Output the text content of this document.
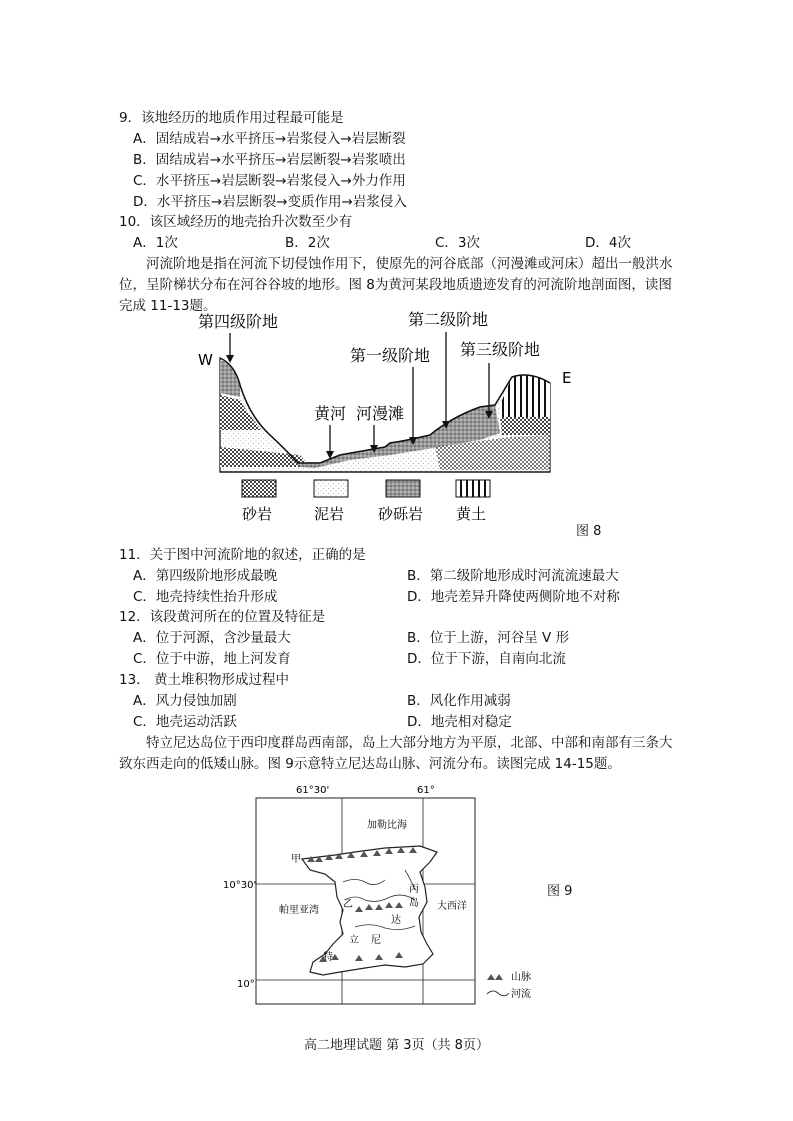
9．该地经历的地质作用过程最可能是
A．固结成岩→水平挤压→岩浆侵入→岩层断裂
B．固结成岩→水平挤压→岩层断裂→岩浆喷出
C．水平挤压→岩层断裂→岩浆侵入→外力作用
D．水平挤压→岩层断裂→变质作用→岩浆侵入
10．该区域经历的地壳抬升次数至少有
A．1次	B．2次	C．3次	D．4次
河流阶地是指在河流下切侵蚀作用下，使原先的河谷底部（河漫滩或河床）超出一般洪水位，呈阶梯状分布在河谷谷坡的地形。图 8为黄河某段地质遗迹发育的河流阶地剖面图，读图完成 11-13题。
W
E
第四级阶地	第二级阶地
第一级阶地 第三级阶地
黄河 河漫滩
砂岩	泥岩 砂砾岩 黄土
图 8
11．关于图中河流阶地的叙述，正确的是
A．第四级阶地形成最晚	B．第二级阶地形成时河流流速最大
C．地壳持续性抬升形成	D．地壳差异升降使两侧阶地不对称
12．该段黄河所在的位置及特征是
A．位于河源，含沙量最大	B．位于上游，河谷呈 V 形
C．位于中游，地上河发育	D．位于下游，自南向北流
13． 黄土堆积物形成过程中
A．风力侵蚀加剧	B．风化作用减弱
C．地壳运动活跃	D．地壳相对稳定
特立尼达岛位于西印度群岛西南部，岛上大部分地方为平原，北部、中部和南部有三条大致东西走向的低矮山脉。图 9示意特立尼达岛山脉、河流分布。读图完成 14-15题。
61°30'	61°
10°30'
10°
加勒比海
帕里亚湾	大西洋
甲
乙
丙
特
立 尼
达
岛
山脉
河流
图 9
高二地理试题 第 3页（共 8页）
